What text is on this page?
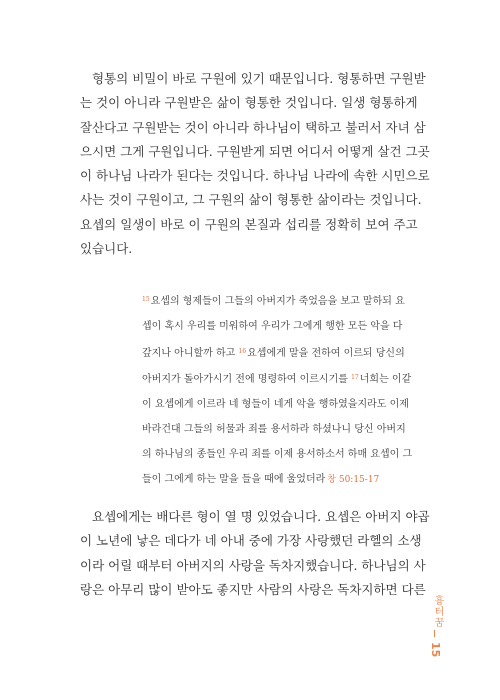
형통의 비밀이 바로 구원에 있기 때문입니다. 형통하면 구원받
는 것이 아니라 구원받은 삶이 형통한 것입니다. 일생 형통하게
잘산다고 구원받는 것이 아니라 하나님이 택하고 불러서 자녀 삼
으시면 그게 구원입니다. 구원받게 되면 어디서 어떻게 살건 그곳
이 하나님 나라가 된다는 것입니다. 하나님 나라에 속한 시민으로
사는 것이 구원이고, 그 구원의 삶이 형통한 삶이라는 것입니다.
요셉의 일생이 바로 이 구원의 본질과 섭리를 정확히 보여 주고
있습니다.

$^{15}$요셉의 형제들이 그들의 아버지가 죽었음을 보고 말하되 요
셉이 혹시 우리를 미워하여 우리가 그에게 행한 모든 악을 다
갚지나 아니할까 하고 $^{16}$요셉에게 말을 전하여 이르되 당신의
아버지가 돌아가시기 전에 명령하여 이르시기를 $^{17}$너희는 이같
이 요셉에게 이르라 네 형들이 네게 악을 행하였을지라도 이제
바라건대 그들의 허물과 죄를 용서하라 하셨나니 당신 아버지
의 하나님의 종들인 우리 죄를 이제 용서하소서 하매 요셉이 그
들이 그에게 하는 말을 들을 때에 울었더라 창 50:15-17

요셉에게는 배다른 형이 열 명 있었습니다. 요셉은 아버지 야곱
이 노년에 낳은 데다가 네 아내 중에 가장 사랑했던 라헬의 소생
이라 어릴 때부터 아버지의 사랑을 독차지했습니다. 하나님의 사
랑은 아무리 많이 받아도 좋지만 사람의 사랑은 독차지하면 다른

흉터꿈
15
